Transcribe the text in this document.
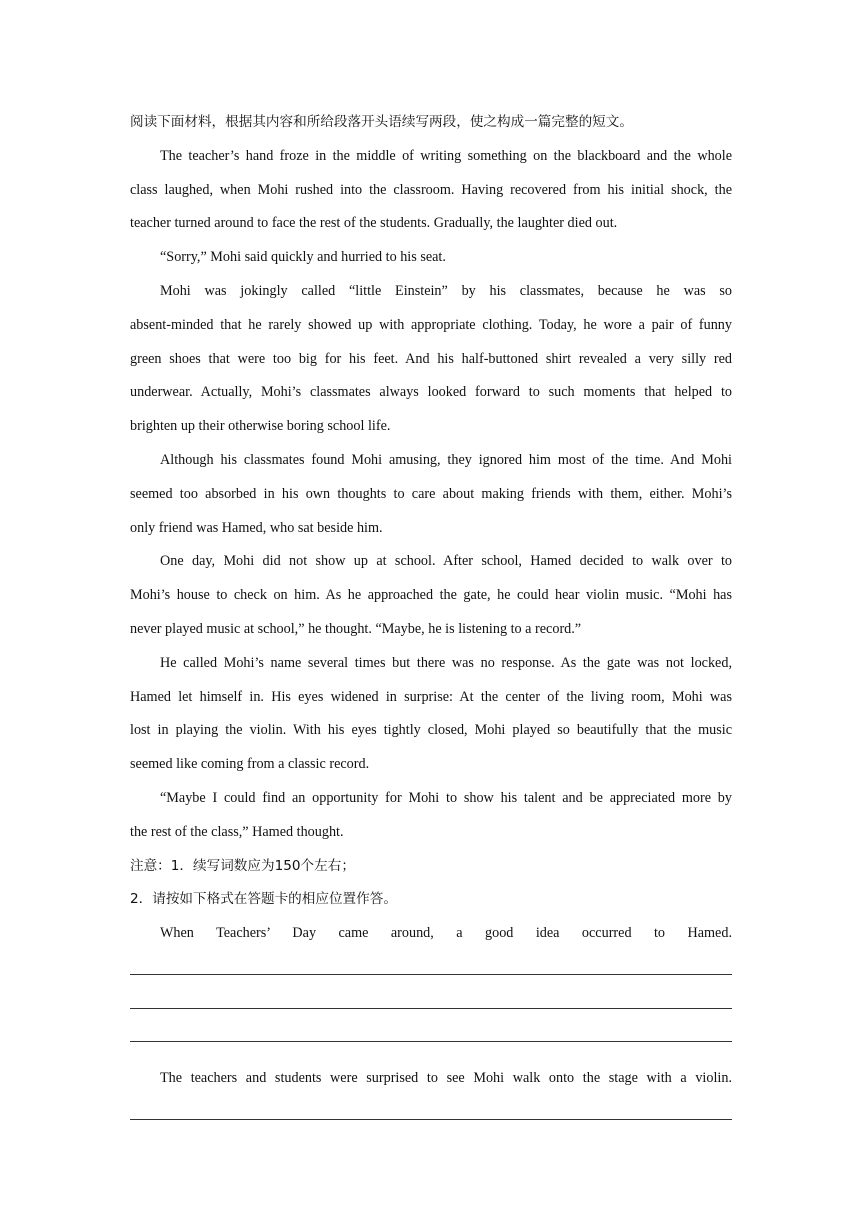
阅读下面材料，根据其内容和所给段落开头语续写两段，使之构成一篇完整的短文。
The teacher’s hand froze in the middle of writing something on the blackboard and the whole
class laughed, when Mohi rushed into the classroom. Having recovered from his initial shock, the
teacher turned around to face the rest of the students. Gradually, the laughter died out.
“Sorry,” Mohi said quickly and hurried to his seat.
Mohi was jokingly called “little Einstein” by his classmates, because he was so
absent-minded that he rarely showed up with appropriate clothing. Today, he wore a pair of funny
green shoes that were too big for his feet. And his half-buttoned shirt revealed a very silly red
underwear. Actually, Mohi’s classmates always looked forward to such moments that helped to
brighten up their otherwise boring school life.
Although his classmates found Mohi amusing, they ignored him most of the time. And Mohi
seemed too absorbed in his own thoughts to care about making friends with them, either. Mohi’s
only friend was Hamed, who sat beside him.
One day, Mohi did not show up at school. After school, Hamed decided to walk over to
Mohi’s house to check on him. As he approached the gate, he could hear violin music. “Mohi has
never played music at school,” he thought. “Maybe, he is listening to a record.”
He called Mohi’s name several times but there was no response. As the gate was not locked,
Hamed let himself in. His eyes widened in surprise: At the center of the living room, Mohi was
lost in playing the violin. With his eyes tightly closed, Mohi played so beautifully that the music
seemed like coming from a classic record.
“Maybe I could find an opportunity for Mohi to show his talent and be appreciated more by
the rest of the class,” Hamed thought.
注意：1．续写词数应为150个左右；
2．请按如下格式在答题卡的相应位置作答。
When Teachers’ Day came around, a good idea occurred to Hamed.
The teachers and students were surprised to see Mohi walk onto the stage with a violin.
